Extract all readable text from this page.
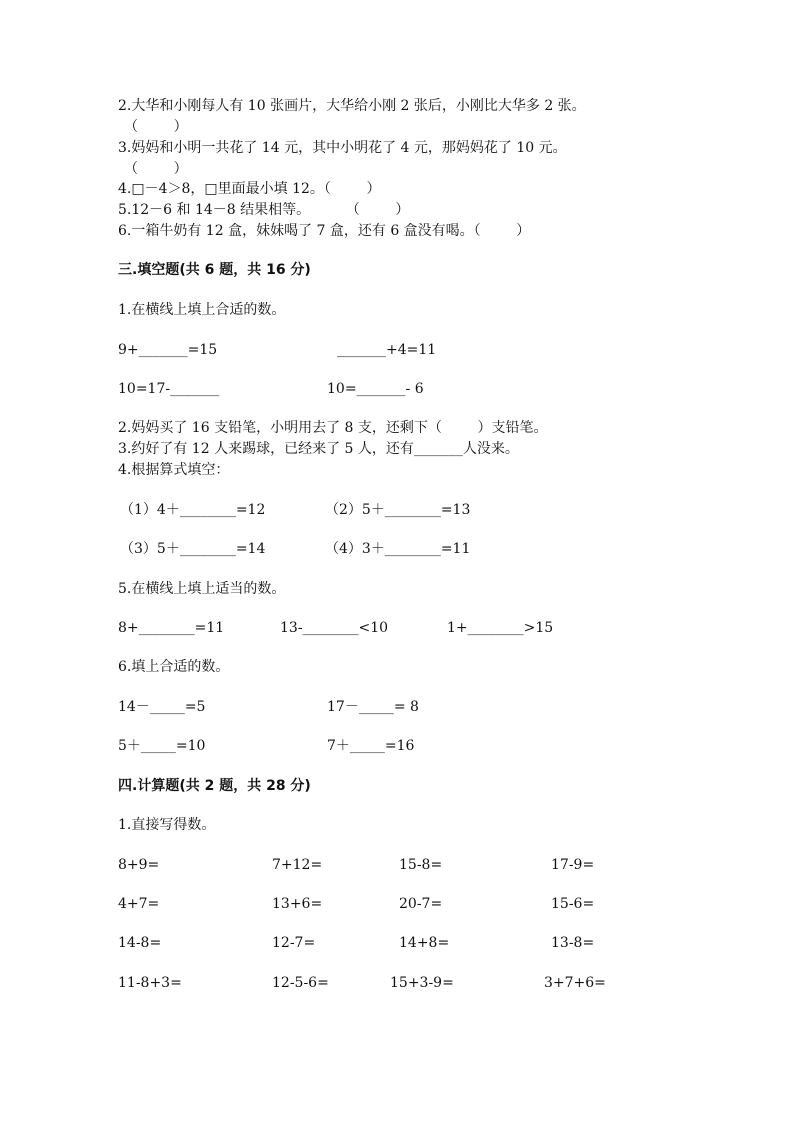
2.大华和小刚每人有 10 张画片，大华给小刚 2 张后，小刚比大华多 2 张。
（        ）
3.妈妈和小明一共花了 14 元，其中小明花了 4 元，那妈妈花了 10 元。
（        ）
4.□－4＞8，□里面最小填 12。（        ）
5.12－6 和 14－8 结果相等。        （        ）
6.一箱牛奶有 12 盒，妹妹喝了 7 盒，还有 6 盒没有喝。（        ）
三.填空题(共 6 题，共 16 分)
1.在横线上填上合适的数。
9+_______=15	_______+4=11
10=17-_______	10=_______- 6
2.妈妈买了 16 支铅笔，小明用去了 8 支，还剩下（        ）支铅笔。
3.约好了有 12 人来踢球，已经来了 5 人，还有_______人没来。
4.根据算式填空：
（1）4＋________=12	（2）5＋________=13
（3）5＋________=14	（4）3＋________=11
5.在横线上填上适当的数。
8+________=11	13-________<10	1+________>15
6.填上合适的数。
14－_____=5	17－_____= 8
5＋_____=10	7＋_____=16
四.计算题(共 2 题，共 28 分)
1.直接写得数。
8+9=	7+12=	15-8=	17-9=
4+7=	13+6=	20-7=	15-6=
14-8=	12-7=	14+8=	13-8=
11-8+3=	12-5-6=	15+3-9=	3+7+6=
